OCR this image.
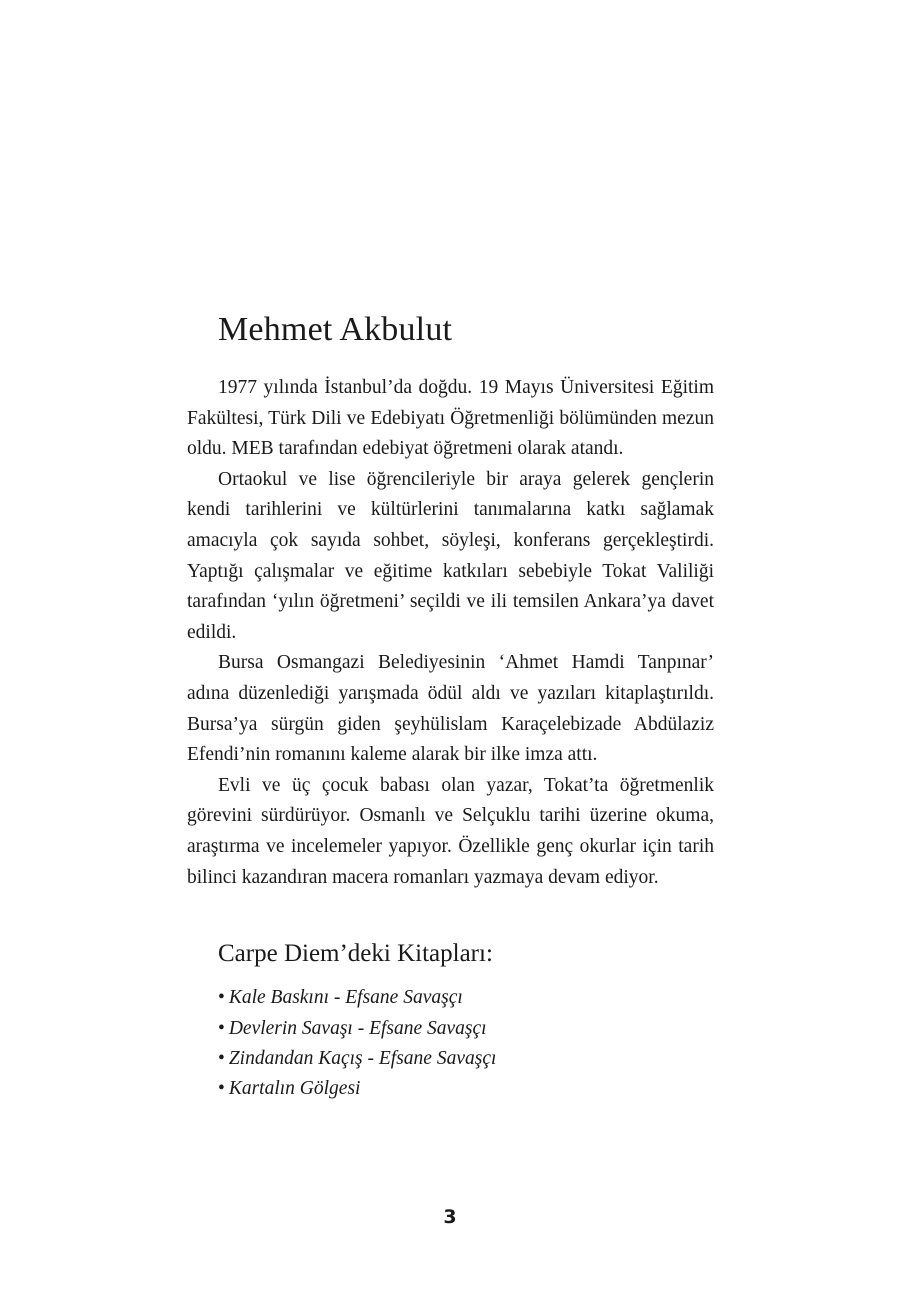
Mehmet Akbulut

1977 yılında İstanbul’da doğdu. 19 Mayıs Üniversitesi Eğitim Fakültesi, Türk Dili ve Edebiyatı Öğretmenliği bölümünden mezun oldu. MEB tarafından edebiyat öğretmeni olarak atandı.

Ortaokul ve lise öğrencileriyle bir araya gelerek gençlerin kendi tarihlerini ve kültürlerini tanımalarına katkı sağlamak amacıyla çok sayıda sohbet, söyleşi, konferans gerçekleştirdi. Yaptığı çalışmalar ve eğitime katkıları sebebiyle Tokat Valiliği tarafından ‘yılın öğretmeni’ seçildi ve ili temsilen Ankara’ya davet edildi.

Bursa Osmangazi Belediyesinin ‘Ahmet Hamdi Tanpınar’ adına düzenlediği yarışmada ödül aldı ve yazıları kitaplaştırıldı. Bursa’ya sürgün giden şeyhülislam Karaçelebizade Abdülaziz Efendi’nin romanını kaleme alarak bir ilke imza attı.

Evli ve üç çocuk babası olan yazar, Tokat’ta öğretmenlik görevini sürdürüyor. Osmanlı ve Selçuklu tarihi üzerine okuma, araştırma ve incelemeler yapıyor. Özellikle genç okurlar için tarih bilinci kazandıran macera romanları yazmaya devam ediyor.

Carpe Diem’deki Kitapları:
• Kale Baskını - Efsane Savaşçı
• Devlerin Savaşı - Efsane Savaşçı
• Zindandan Kaçış - Efsane Savaşçı
• Kartalın Gölgesi
3
